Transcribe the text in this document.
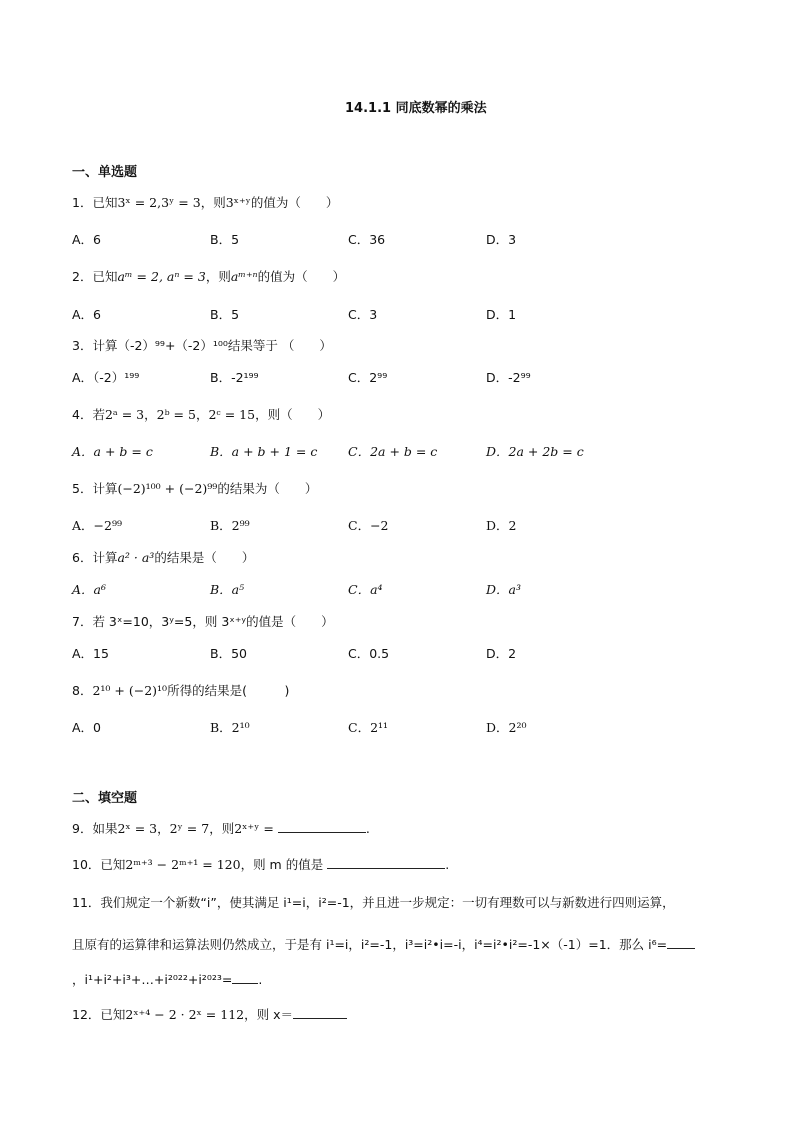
14.1.1 同底数幂的乘法
一、单选题
1．已知3ˣ = 2,3ʸ = 3，则3ˣ⁺ʸ的值为（　　）
A．6	B．5	C．36	D．3
2．已知aᵐ = 2, aⁿ = 3，则aᵐ⁺ⁿ的值为（　　）
A．6	B．5	C．3	D．1
3．计算（-2）⁹⁹+（-2）¹⁰⁰结果等于 （　　）
A．（-2）¹⁹⁹	B．-2¹⁹⁹	C．2⁹⁹	D．-2⁹⁹
4．若2ᵃ = 3，2ᵇ = 5，2ᶜ = 15，则（　　）
A．a + b = c	B．a + b + 1 = c C．2a + b = c	D．2a + 2b = c
5．计算(−2)¹⁰⁰ + (−2)⁹⁹的结果为（　　）
A．−2⁹⁹	B．2⁹⁹	C．−2	D．2
6．计算a² · a³的结果是（　　）
A．a⁶	B．a⁵	C．a⁴	D．a³
7．若 3ˣ=10，3ʸ=5，则 3ˣ⁺ʸ的值是（　　）
A．15	B．50	C．0.5	D．2
8．2¹⁰ + (−2)¹⁰所得的结果是(　　　)
A．0	B．2¹⁰	C．2¹¹	D．2²⁰
二、填空题
9．如果2ˣ = 3，2ʸ = 7，则2ˣ⁺ʸ =	.
10．已知2ᵐ⁺³ − 2ᵐ⁺¹ = 120，则 m 的值是	.
11．我们规定一个新数“i”，使其满足 i¹=i，i²=-1，并且进一步规定：一切有理数可以与新数进行四则运算，
且原有的运算律和运算法则仍然成立，于是有 i¹=i，i²=-1，i³=i²•i=-i，i⁴=i²•i²=-1×（-1）=1．那么 i⁶=
，i¹+i²+i³+…+i²⁰²²+i²⁰²³= .
12．已知2ˣ⁺⁴ − 2 · 2ˣ = 112，则 x＝
